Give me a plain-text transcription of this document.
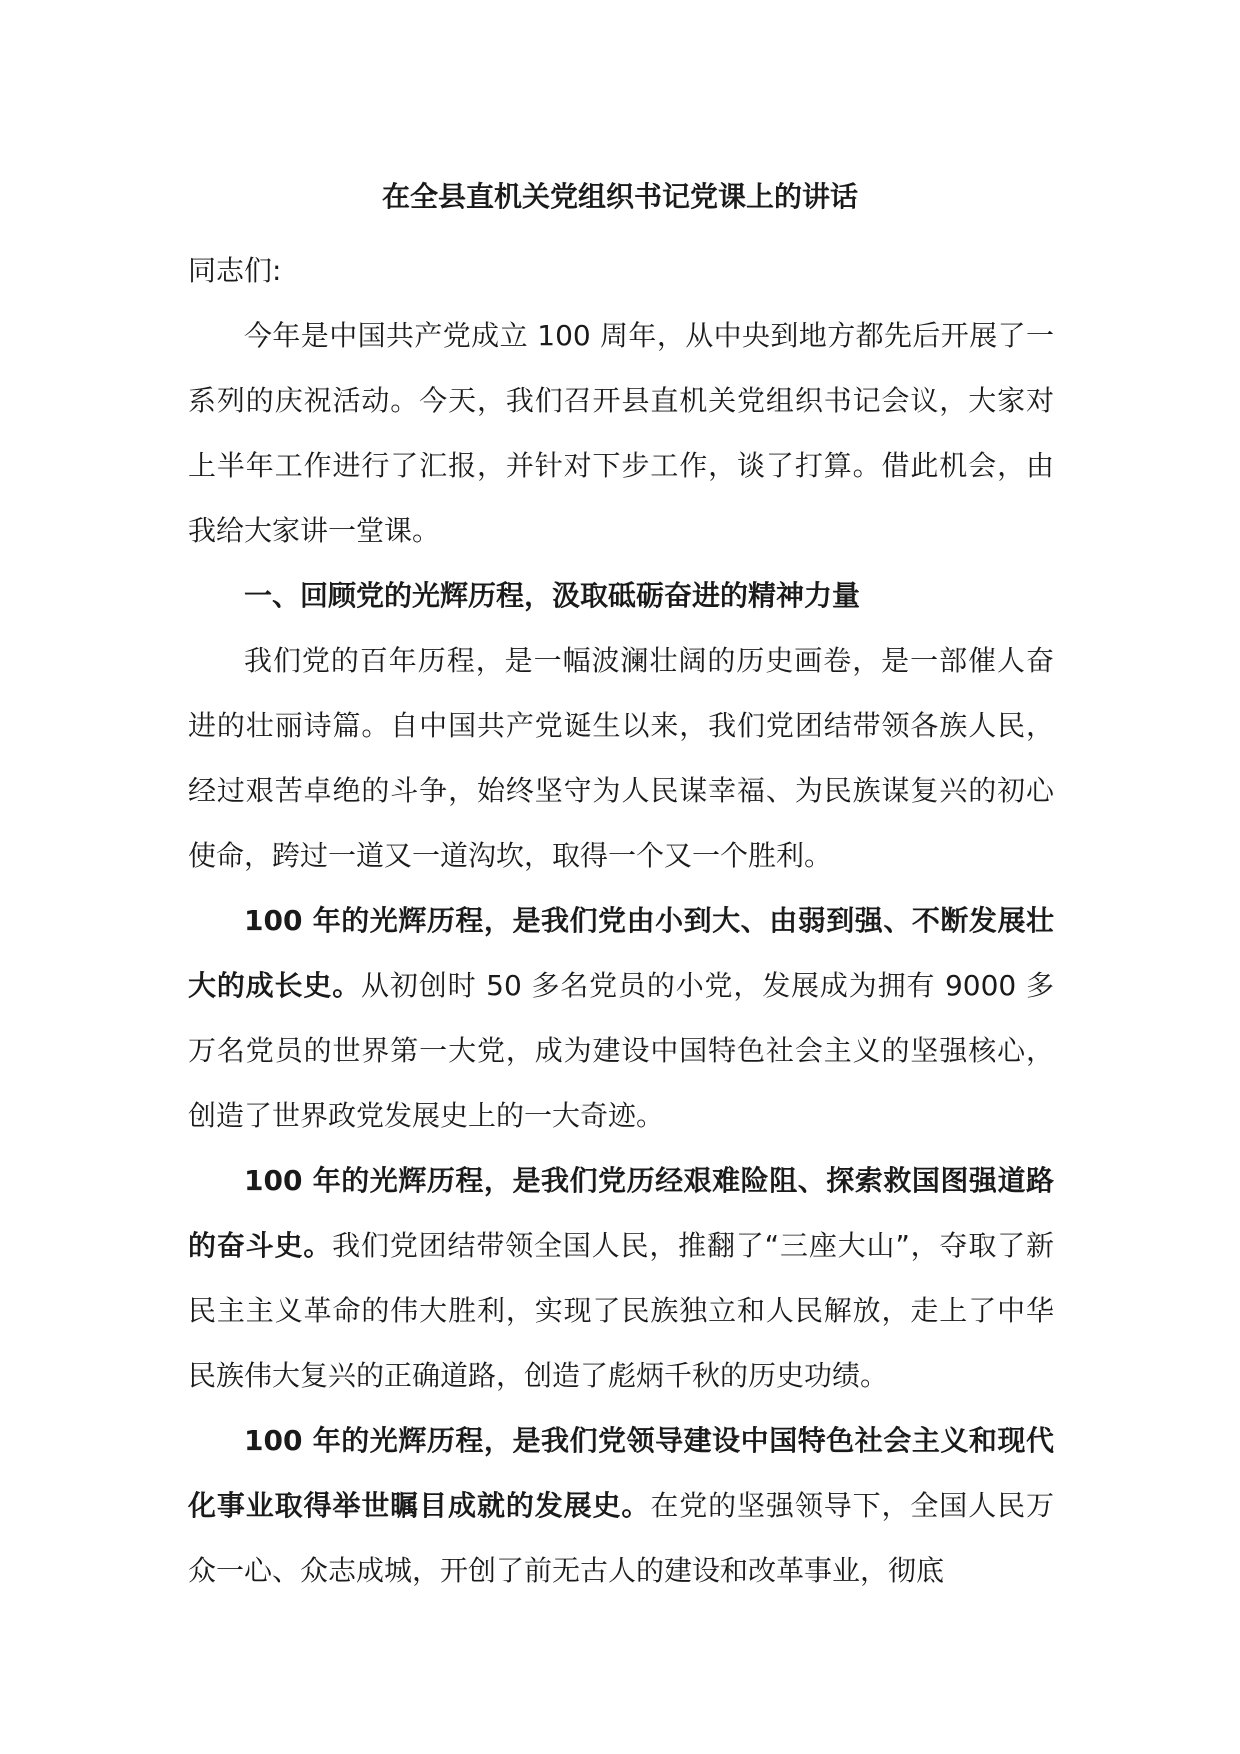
在全县直机关党组织书记党课上的讲话

同志们:

今年是中国共产党成立 100 周年，从中央到地方都先后开展了一系列的庆祝活动。今天，我们召开县直机关党组织书记会议，大家对上半年工作进行了汇报，并针对下步工作，谈了打算。借此机会，由我给大家讲一堂课。

一、回顾党的光辉历程，汲取砥砺奋进的精神力量

我们党的百年历程，是一幅波澜壮阔的历史画卷，是一部催人奋进的壮丽诗篇。自中国共产党诞生以来，我们党团结带领各族人民，经过艰苦卓绝的斗争，始终坚守为人民谋幸福、为民族谋复兴的初心使命，跨过一道又一道沟坎，取得一个又一个胜利。

100 年的光辉历程，是我们党由小到大、由弱到强、不断发展壮大的成长史。从初创时 50 多名党员的小党，发展成为拥有 9000 多万名党员的世界第一大党，成为建设中国特色社会主义的坚强核心，创造了世界政党发展史上的一大奇迹。

100 年的光辉历程，是我们党历经艰难险阻、探索救国图强道路的奋斗史。我们党团结带领全国人民，推翻了“三座大山”，夺取了新民主主义革命的伟大胜利，实现了民族独立和人民解放，走上了中华民族伟大复兴的正确道路，创造了彪炳千秋的历史功绩。

100 年的光辉历程，是我们党领导建设中国特色社会主义和现代化事业取得举世瞩目成就的发展史。在党的坚强领导下，全国人民万众一心、众志成城，开创了前无古人的建设和改革事业，彻底
